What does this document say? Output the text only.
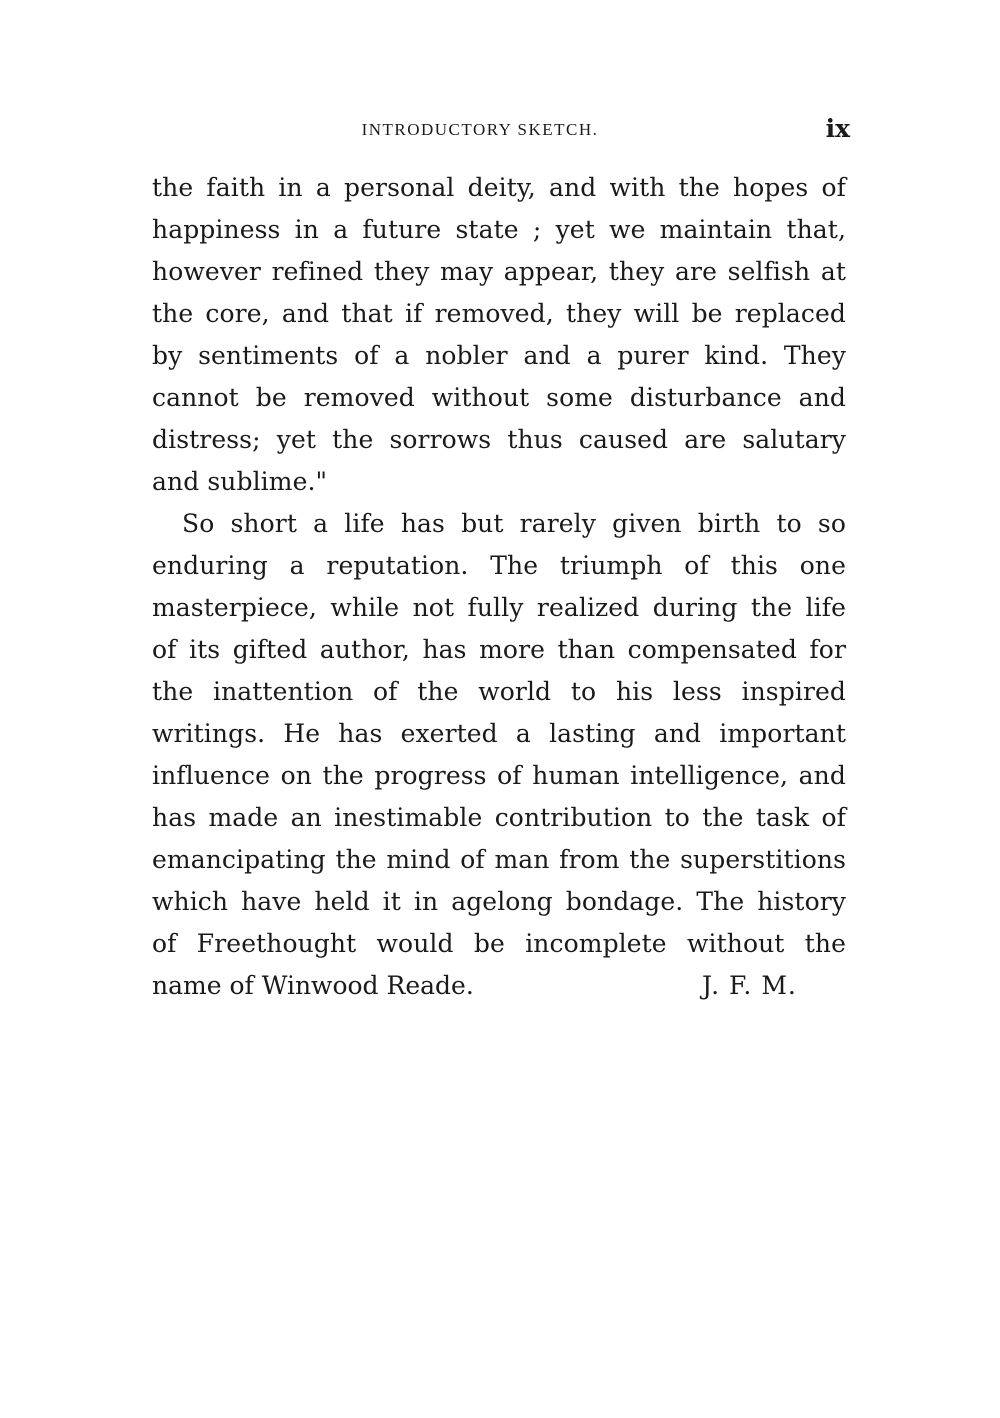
INTRODUCTORY SKETCH.	ix
the faith in a personal deity, and with the hopes of
happiness in a future state ; yet we maintain that,
however refined they may appear, they are selfish at
the core, and that if removed, they will be replaced
by sentiments of a nobler and a purer kind. They
cannot be removed without some disturbance and
distress; yet the sorrows thus caused are salutary
and sublime."
So short a life has but rarely given birth to so
enduring a reputation. The triumph of this one
masterpiece, while not fully realized during the life
of its gifted author, has more than compensated for
the inattention of the world to his less inspired
writings. He has exerted a lasting and important
influence on the progress of human intelligence, and
has made an inestimable contribution to the task of
emancipating the mind of man from the superstitions
which have held it in agelong bondage. The history
of Freethought would be incomplete without the
name of Winwood Reade.	J. F. M.
